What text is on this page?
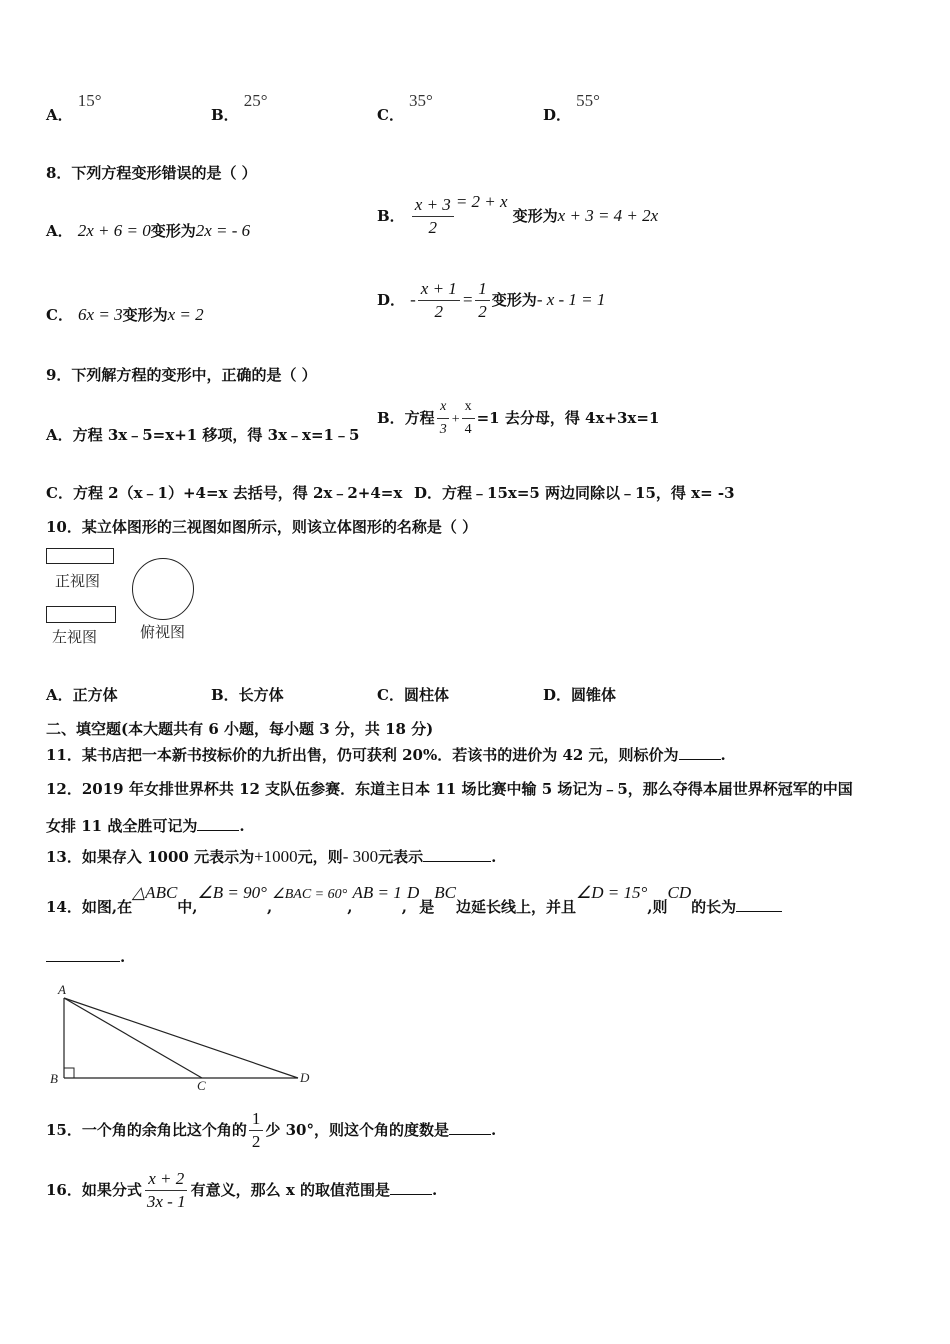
A． 15°
B． 25°
C． 35°
D． 55°
8．下列方程变形错误的是（ ）
A． 2x + 6 = 0变形为2x = - 6
B． $\frac{x + 3}{2} = 2 + x$ 变形为x + 3 = 4 + 2x
C． 6x = 3变形为x = 2
D． - $\frac{x + 1}{2} = \frac{1}{2}$ 变形为- x - 1 = 1
9．下列解方程的变形中，正确的是（ ）
A．方程 3x﹣5=x+1 移项，得 3x﹣x=1﹣5
B．方程 $\frac{x}{3} + \frac{x}{4} =1$ 去分母，得 4x+3x=1
C．方程 2（x﹣1）+4=x 去括号，得 2x﹣2+4=x D．方程﹣15x=5 两边同除以﹣15，得 x= -3
10．某立体图形的三视图如图所示，则该立体图形的名称是（ ）
正视图
左视图	俯视图
A．正方体	B．长方体	C．圆柱体	D．圆锥体
二、填空题(本大题共有 6 小题，每小题 3 分，共 18 分)
11．某书店把一本新书按标价的九折出售，仍可获利 20%．若该书的进价为 42 元，则标价为	.
12．2019 年女排世界杯共 12 支队伍参赛．东道主日本 11 场比赛中输 5 场记为﹣5，那么夺得本届世界杯冠军的中国
女排 11 战全胜可记为	.
13．如果存入 1000 元表示为+1000元，则- 300元表示	.
14．如图,在△ABC中,∠B = 90°,∠BAC = 60°,AB = 1,D是BC边延长线上，并且∠D = 15°,则CD的长为
.
A
B	C
D
15．一个角的余角比这个角的 $\frac{1}{2}$ 少 30°，则这个角的度数是	.
16．如果分式 $\frac{x + 2}{3x - 1}$ 有意义，那么 x 的取值范围是	.
